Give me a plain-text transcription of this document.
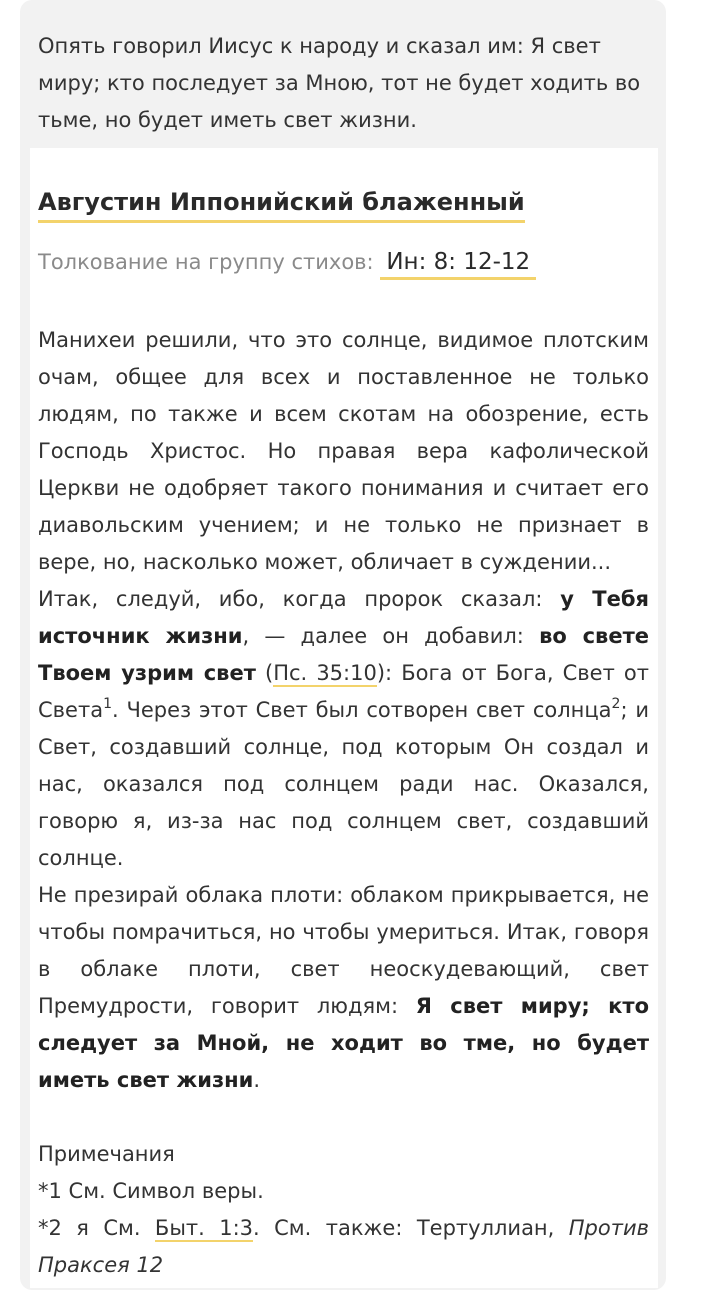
Опять говорил Иисус к народу и сказал им: Я свет миру; кто последует за Мною, тот не будет ходить во тьме, но будет иметь свет жизни.
Августин Иппонийский блаженный
Толкование на группу стихов: Ин: 8: 12-12

Манихеи решили, что это солнце, видимое плотским очам, общее для всех и поставленное не только людям, по также и всем скотам на обозрение, есть Господь Христос. Но правая вера кафолической Церкви не одобряет такого понимания и считает его диавольским учением; и не только не признает в вере, но, насколько может, обличает в суждении...

Итак, следуй, ибо, когда пророк сказал: у Тебя источник жизни, — далее он добавил: во свете Твоем узрим свет (Пс. 35:10): Бога от Бога, Свет от Света$^1$. Через этот Свет был сотворен свет солнца$^2$; и Свет, создавший солнце, под которым Он создал и нас, оказался под солнцем ради нас. Оказался, говорю я, из-за нас под солнцем свет, создавший солнце.

Не презирай облака плоти: облаком прикрывается, не чтобы помрачиться, но чтобы умериться. Итак, говоря в облаке плоти, свет неоскудевающий, свет Премудрости, говорит людям: Я свет миру; кто следует за Мной, не ходит во тме, но будет иметь свет жизни.

Примечания

*1 См. Символ веры.

*2 я См. Быт. 1:3. См. также: Тертуллиан, Против Праксея 12
